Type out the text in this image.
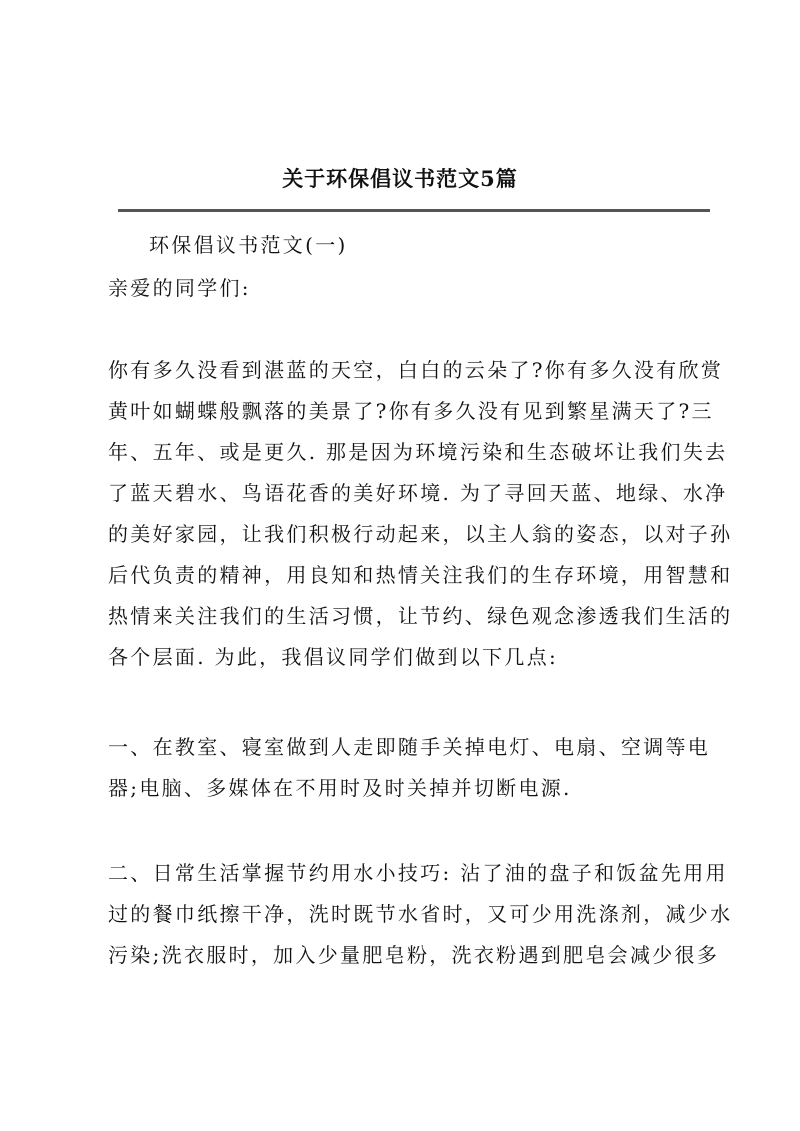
关于环保倡议书范文5篇
环保倡议书范文(一)
亲爱的同学们:
你有多久没看到湛蓝的天空，白白的云朵了?你有多久没有欣赏
黄叶如蝴蝶般飘落的美景了?你有多久没有见到繁星满天了?三
年、五年、或是更久. 那是因为环境污染和生态破坏让我们失去
了蓝天碧水、鸟语花香的美好环境. 为了寻回天蓝、地绿、水净
的美好家园，让我们积极行动起来，以主人翁的姿态，以对子孙
后代负责的精神，用良知和热情关注我们的生存环境，用智慧和
热情来关注我们的生活习惯，让节约、绿色观念渗透我们生活的
各个层面. 为此，我倡议同学们做到以下几点:
一、在教室、寝室做到人走即随手关掉电灯、电扇、空调等电
器;电脑、多媒体在不用时及时关掉并切断电源.
二、日常生活掌握节约用水小技巧: 沾了油的盘子和饭盆先用用
过的餐巾纸擦干净，洗时既节水省时，又可少用洗涤剂，减少水
污染;洗衣服时，加入少量肥皂粉，洗衣粉遇到肥皂会减少很多
